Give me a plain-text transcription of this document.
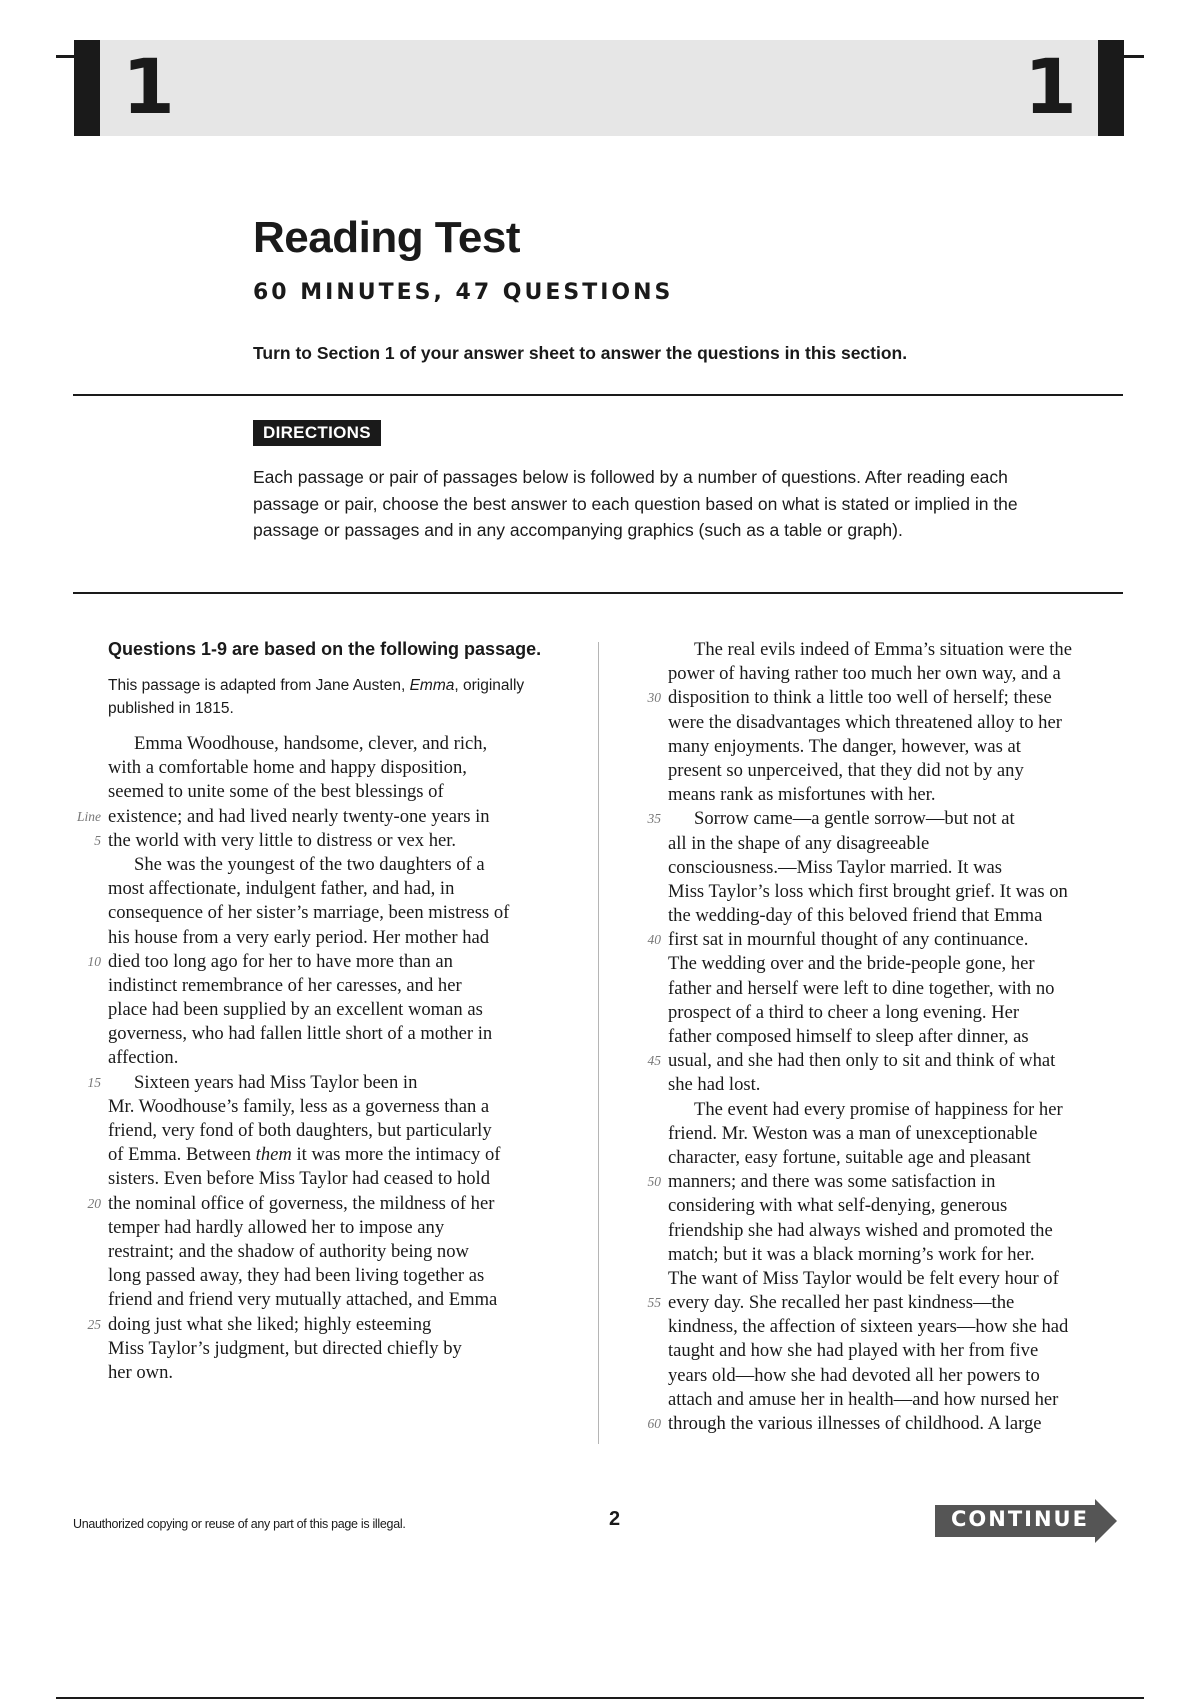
1	1
Reading Test
60 MINUTES, 47 QUESTIONS
Turn to Section 1 of your answer sheet to answer the questions in this section.
DIRECTIONS

Each passage or pair of passages below is followed by a number of questions. After reading each passage or pair, choose the best answer to each question based on what is stated or implied in the passage or passages and in any accompanying graphics (such as a table or graph).

Questions 1-9 are based on the following passage.

This passage is adapted from Jane Austen, Emma, originally published in 1815.

Emma Woodhouse, handsome, clever, and rich,
with a comfortable home and happy disposition,
seemed to unite some of the best blessings of
Line existence; and had lived nearly twenty-one years in
5 the world with very little to distress or vex her.
She was the youngest of the two daughters of a
most affectionate, indulgent father, and had, in
consequence of her sister’s marriage, been mistress of
his house from a very early period. Her mother had
10 died too long ago for her to have more than an
indistinct remembrance of her caresses, and her
place had been supplied by an excellent woman as
governess, who had fallen little short of a mother in
affection.
15 Sixteen years had Miss Taylor been in
Mr. Woodhouse’s family, less as a governess than a
friend, very fond of both daughters, but particularly
of Emma. Between them it was more the intimacy of
sisters. Even before Miss Taylor had ceased to hold
20 the nominal office of governess, the mildness of her
temper had hardly allowed her to impose any
restraint; and the shadow of authority being now
long passed away, they had been living together as
friend and friend very mutually attached, and Emma
25 doing just what she liked; highly esteeming
Miss Taylor’s judgment, but directed chiefly by
her own.
The real evils indeed of Emma’s situation were the
power of having rather too much her own way, and a
30 disposition to think a little too well of herself; these
were the disadvantages which threatened alloy to her
many enjoyments. The danger, however, was at
present so unperceived, that they did not by any
means rank as misfortunes with her.
35 Sorrow came—a gentle sorrow—but not at
all in the shape of any disagreeable
consciousness.—Miss Taylor married. It was
Miss Taylor’s loss which first brought grief. It was on
the wedding-day of this beloved friend that Emma
40 first sat in mournful thought of any continuance.
The wedding over and the bride-people gone, her
father and herself were left to dine together, with no
prospect of a third to cheer a long evening. Her
father composed himself to sleep after dinner, as
45 usual, and she had then only to sit and think of what
she had lost.
The event had every promise of happiness for her
friend. Mr. Weston was a man of unexceptionable
character, easy fortune, suitable age and pleasant
50 manners; and there was some satisfaction in
considering with what self-denying, generous
friendship she had always wished and promoted the
match; but it was a black morning’s work for her.
The want of Miss Taylor would be felt every hour of
55 every day. She recalled her past kindness—the
kindness, the affection of sixteen years—how she had
taught and how she had played with her from five
years old—how she had devoted all her powers to
attach and amuse her in health—and how nursed her
60 through the various illnesses of childhood. A large
Unauthorized copying or reuse of any part of this page is illegal.	2	CONTINUE
